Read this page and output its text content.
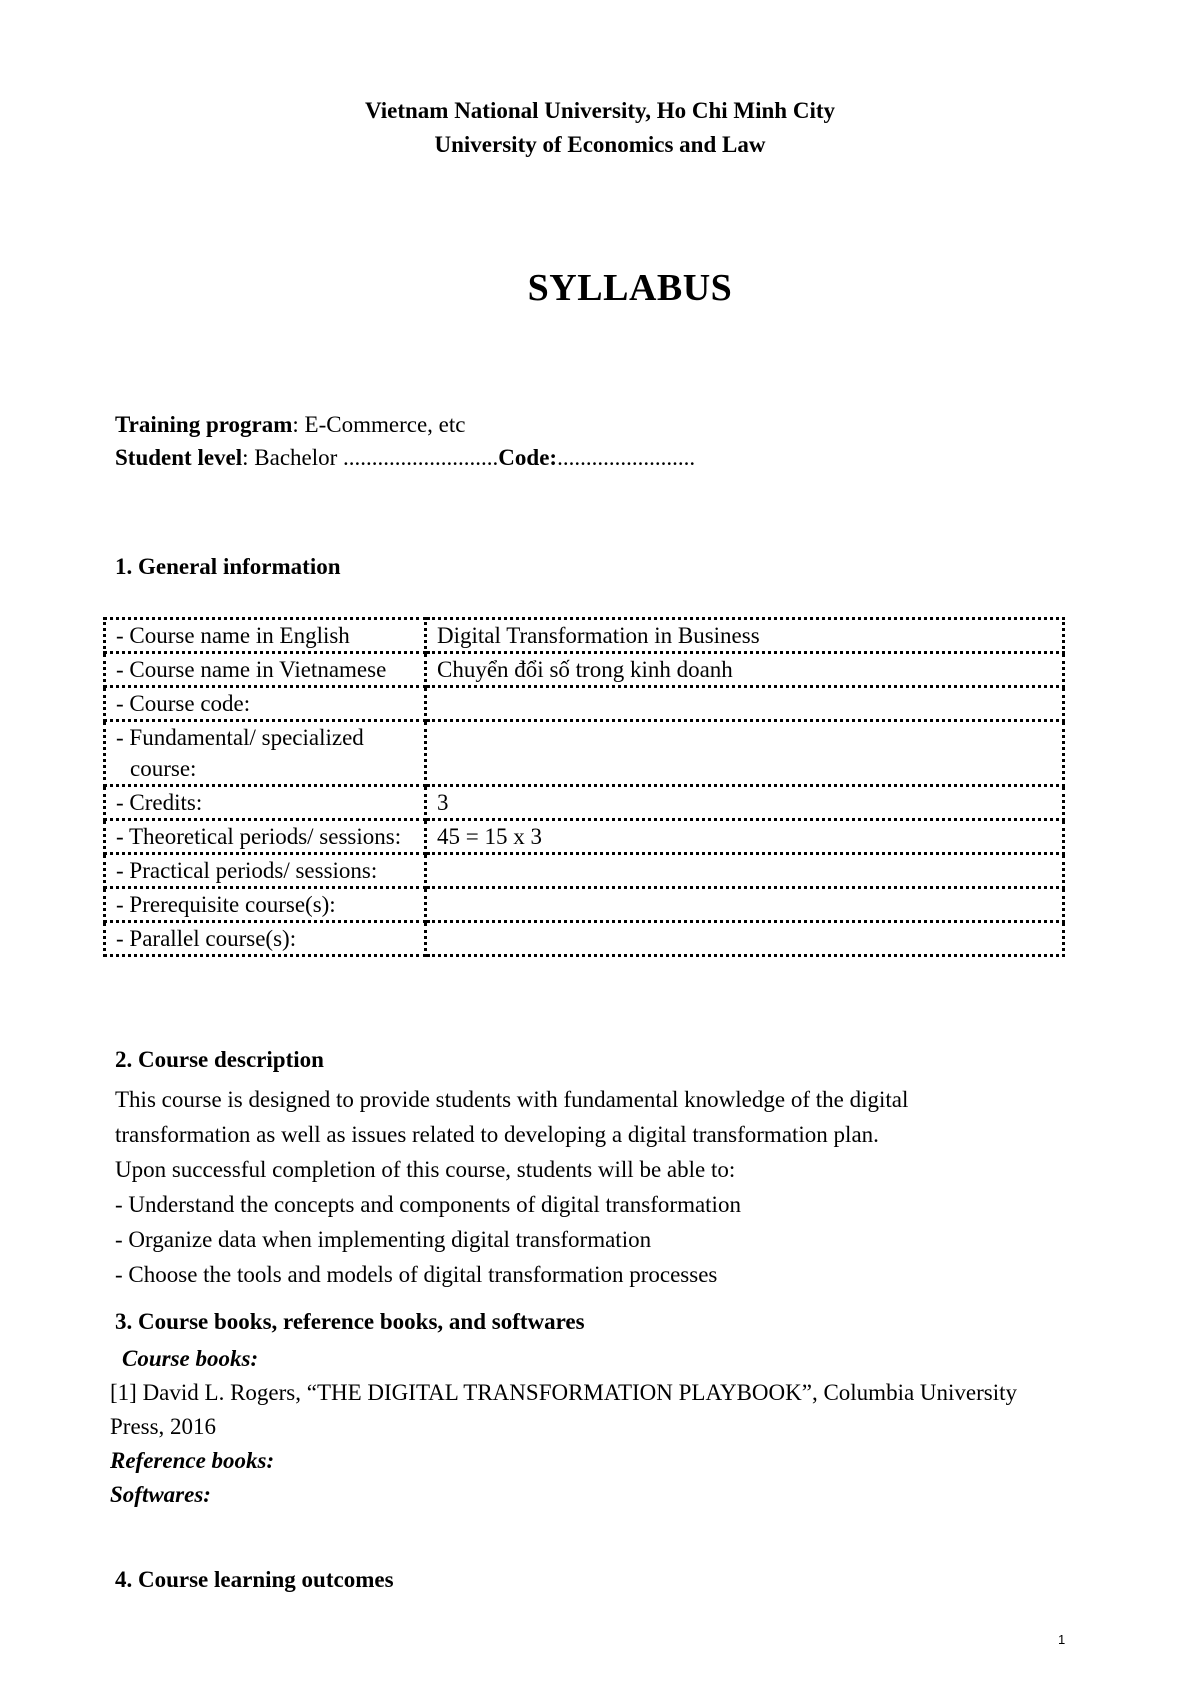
Vietnam National University, Ho Chi Minh City
University of Economics and Law
SYLLABUS
Training program: E-Commerce, etc
Student level: Bachelor ...........................Code:........................
1. General information
- Course name in English	Digital Transformation in Business

- Course name in Vietnamese	Chuyển đổi số trong kinh doanh

- Course code:	

- Fundamental/ specialized course:	

- Credits:	3

- Theoretical periods/ sessions:	45 = 15 x 3

- Practical periods/ sessions:	

- Prerequisite course(s):	

- Parallel course(s):	

2. Course description
This course is designed to provide students with fundamental knowledge of the digital
transformation as well as issues related to developing a digital transformation plan.
Upon successful completion of this course, students will be able to:
- Understand the concepts and components of digital transformation
- Organize data when implementing digital transformation
- Choose the tools and models of digital transformation processes
3. Course books, reference books, and softwares
Course books:
[1] David L. Rogers, “THE DIGITAL TRANSFORMATION PLAYBOOK”, Columbia University Press, 2016
Reference books:
Softwares:
4. Course learning outcomes
1
